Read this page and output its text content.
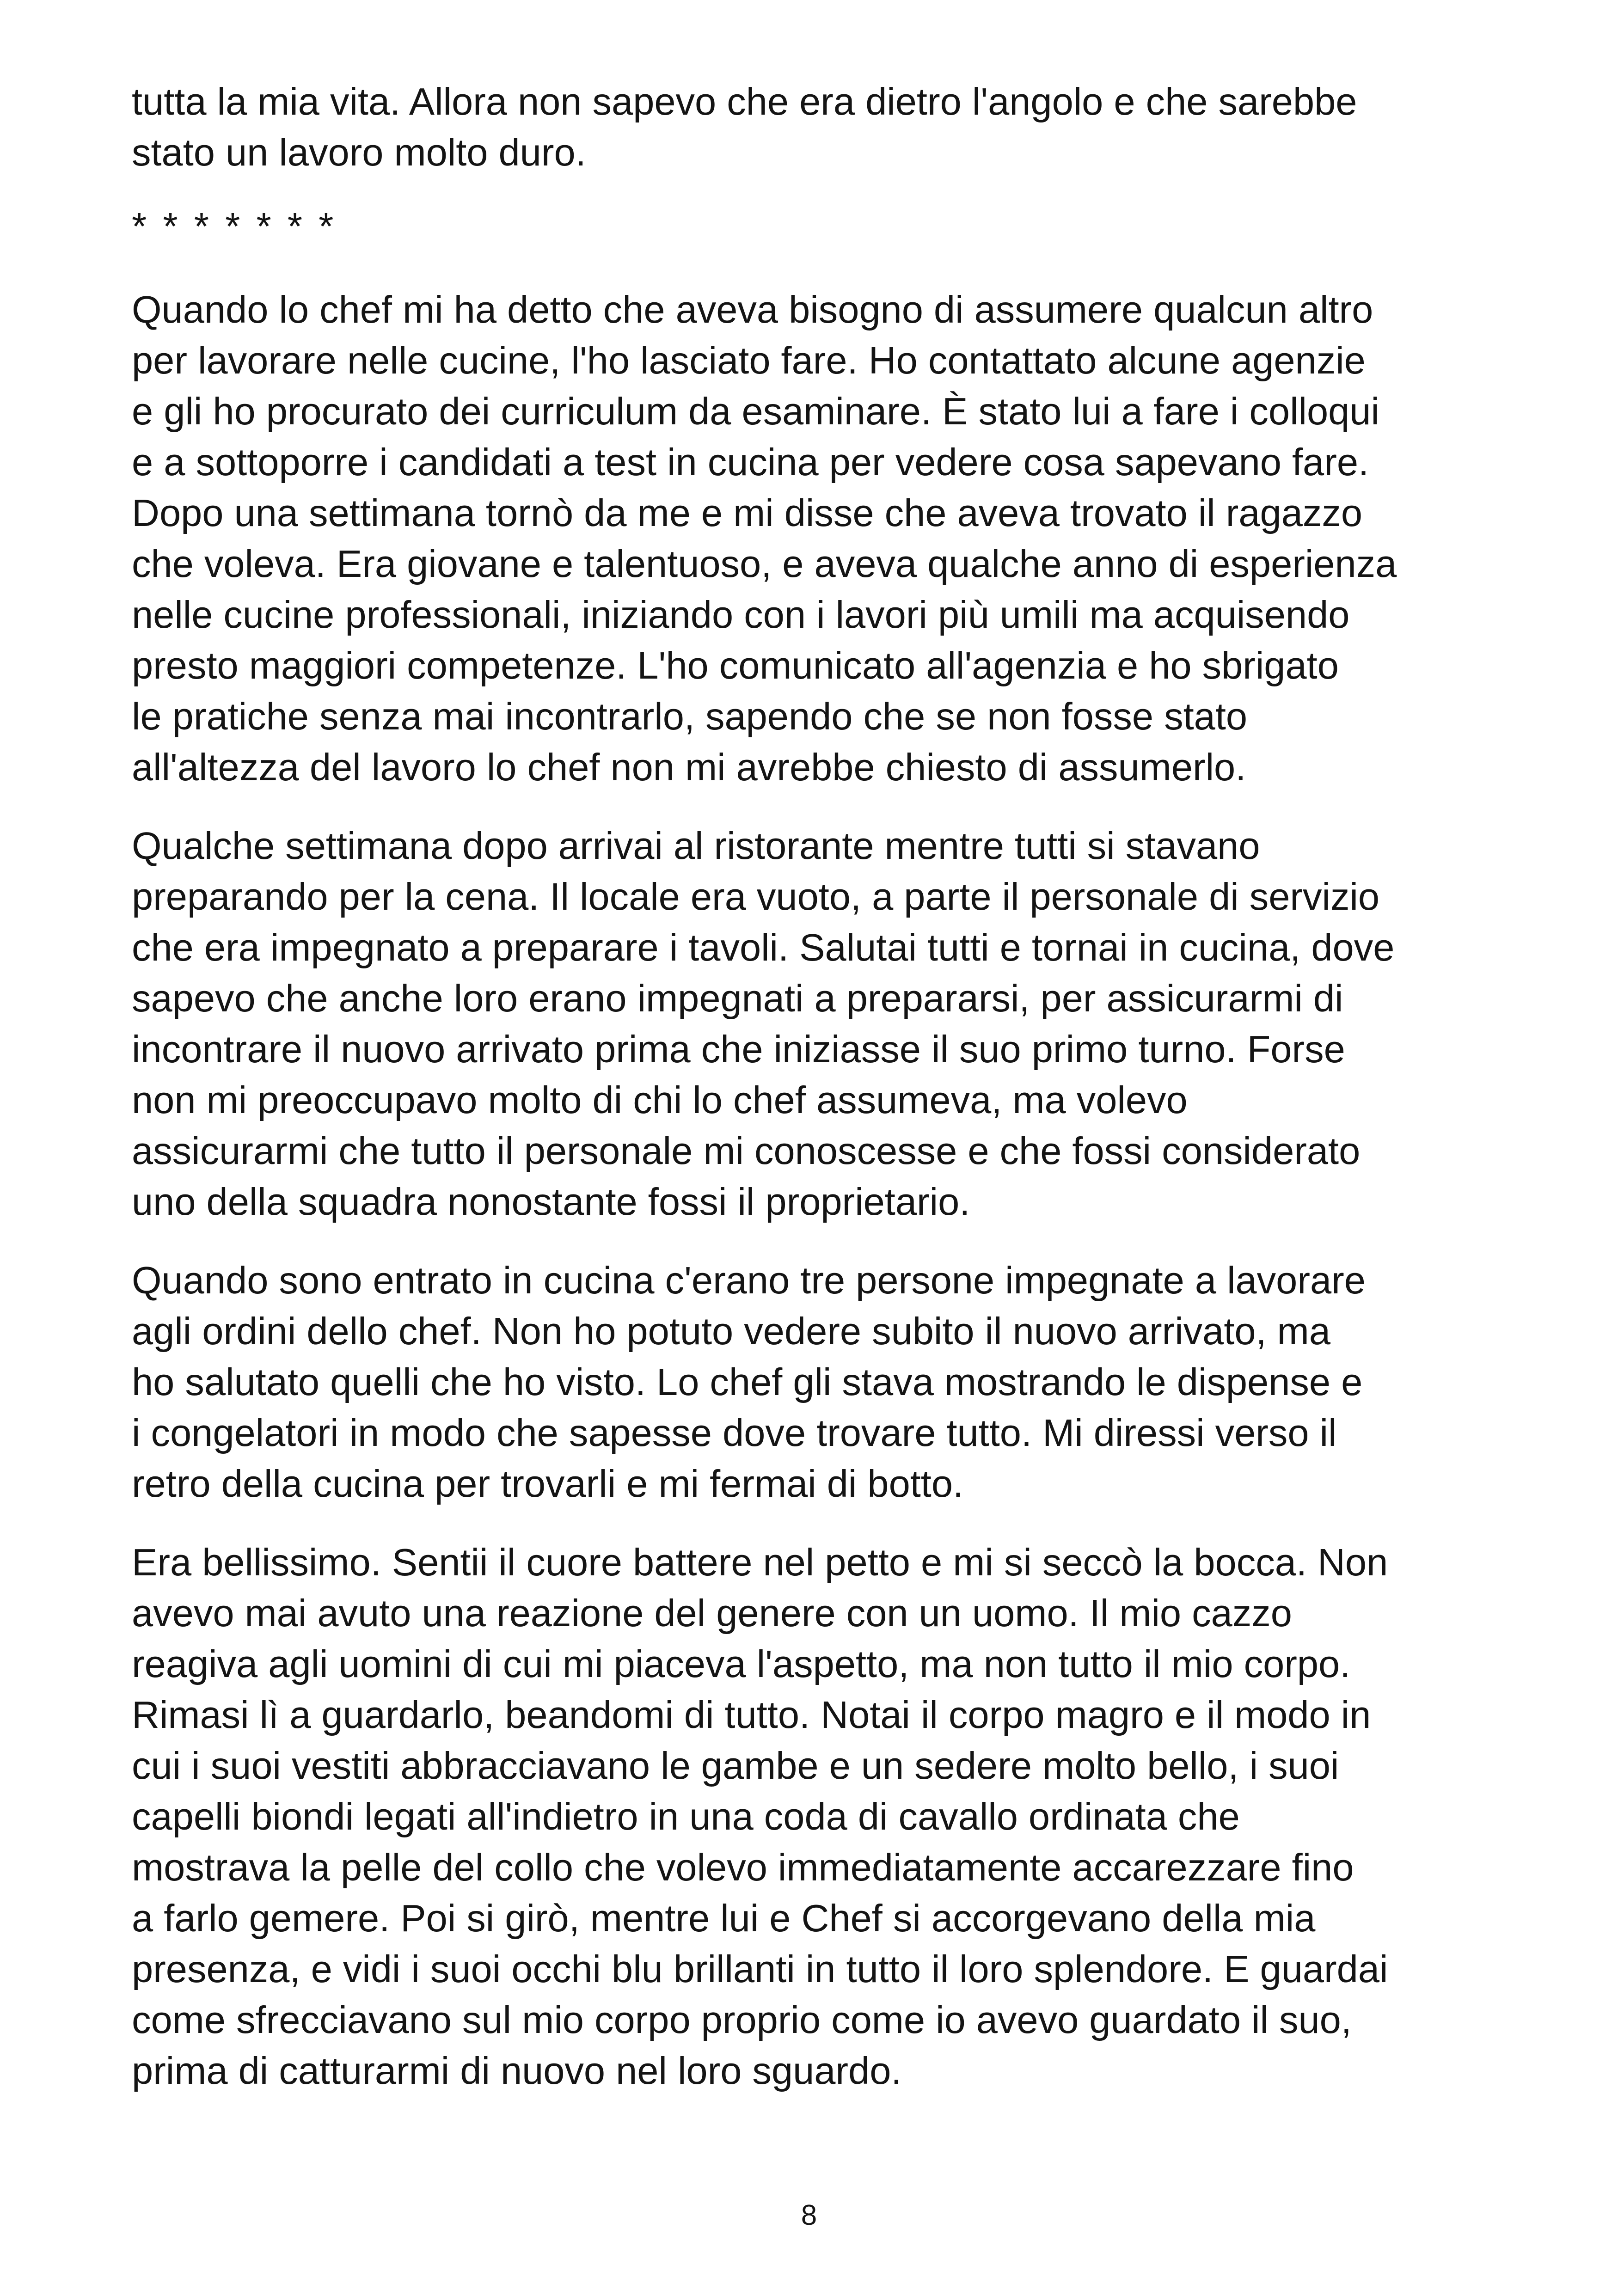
tutta la mia vita. Allora non sapevo che era dietro l'angolo e che sarebbe
stato un lavoro molto duro.

* * * * * * *

Quando lo chef mi ha detto che aveva bisogno di assumere qualcun altro
per lavorare nelle cucine, l'ho lasciato fare. Ho contattato alcune agenzie
e gli ho procurato dei curriculum da esaminare. È stato lui a fare i colloqui
e a sottoporre i candidati a test in cucina per vedere cosa sapevano fare.
Dopo una settimana tornò da me e mi disse che aveva trovato il ragazzo
che voleva. Era giovane e talentuoso, e aveva qualche anno di esperienza
nelle cucine professionali, iniziando con i lavori più umili ma acquisendo
presto maggiori competenze. L'ho comunicato all'agenzia e ho sbrigato
le pratiche senza mai incontrarlo, sapendo che se non fosse stato
all'altezza del lavoro lo chef non mi avrebbe chiesto di assumerlo.

Qualche settimana dopo arrivai al ristorante mentre tutti si stavano
preparando per la cena. Il locale era vuoto, a parte il personale di servizio
che era impegnato a preparare i tavoli. Salutai tutti e tornai in cucina, dove
sapevo che anche loro erano impegnati a prepararsi, per assicurarmi di
incontrare il nuovo arrivato prima che iniziasse il suo primo turno. Forse
non mi preoccupavo molto di chi lo chef assumeva, ma volevo
assicurarmi che tutto il personale mi conoscesse e che fossi considerato
uno della squadra nonostante fossi il proprietario.

Quando sono entrato in cucina c'erano tre persone impegnate a lavorare
agli ordini dello chef. Non ho potuto vedere subito il nuovo arrivato, ma
ho salutato quelli che ho visto. Lo chef gli stava mostrando le dispense e
i congelatori in modo che sapesse dove trovare tutto. Mi diressi verso il
retro della cucina per trovarli e mi fermai di botto.

Era bellissimo. Sentii il cuore battere nel petto e mi si seccò la bocca. Non
avevo mai avuto una reazione del genere con un uomo. Il mio cazzo
reagiva agli uomini di cui mi piaceva l'aspetto, ma non tutto il mio corpo.
Rimasi lì a guardarlo, beandomi di tutto. Notai il corpo magro e il modo in
cui i suoi vestiti abbracciavano le gambe e un sedere molto bello, i suoi
capelli biondi legati all'indietro in una coda di cavallo ordinata che
mostrava la pelle del collo che volevo immediatamente accarezzare fino
a farlo gemere. Poi si girò, mentre lui e Chef si accorgevano della mia
presenza, e vidi i suoi occhi blu brillanti in tutto il loro splendore. E guardai
come sfrecciavano sul mio corpo proprio come io avevo guardato il suo,
prima di catturarmi di nuovo nel loro sguardo.

8
